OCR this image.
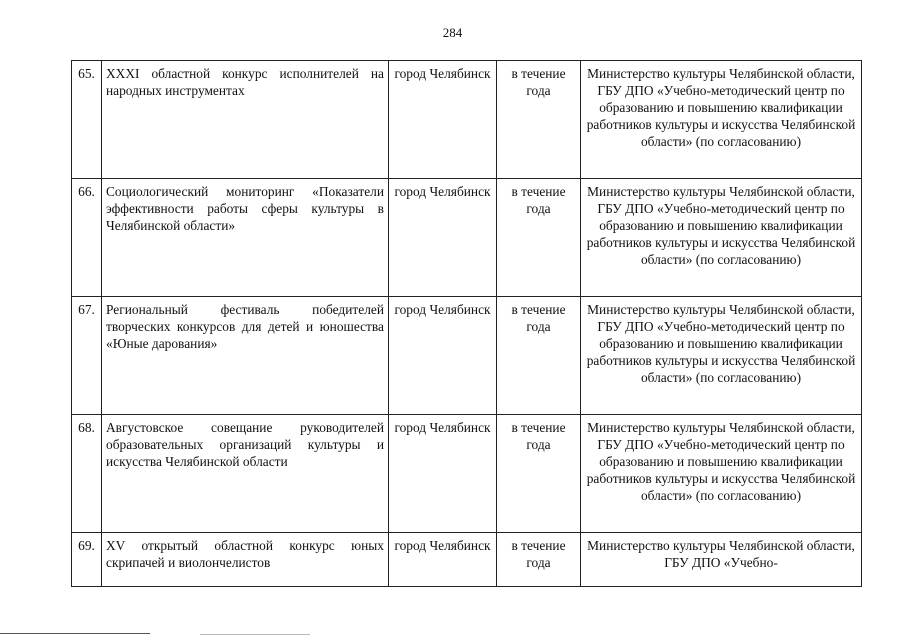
284
65.	XXXI областной конкурс исполнителей на народных инструментах	город Челябинск	в течение года	Министерство культуры Челябинской области, ГБУ ДПО «Учебно-методический центр по образованию и повышению квалификации работников культуры и искусства Челябинской области» (по согласованию)
66.	Социологический мониторинг «Показатели эффективности работы сферы культуры в Челябинской области»	город Челябинск	в течение года	Министерство культуры Челябинской области, ГБУ ДПО «Учебно-методический центр по образованию и повышению квалификации работников культуры и искусства Челябинской области» (по согласованию)
67.	Региональный фестиваль победителей творческих конкурсов для детей и юношества «Юные дарования»	город Челябинск	в течение года	Министерство культуры Челябинской области, ГБУ ДПО «Учебно-методический центр по образованию и повышению квалификации работников культуры и искусства Челябинской области» (по согласованию)
68.	Августовское совещание руководителей образовательных организаций культуры и искусства Челябинской области	город Челябинск	в течение года	Министерство культуры Челябинской области, ГБУ ДПО «Учебно-методический центр по образованию и повышению квалификации работников культуры и искусства Челябинской области» (по согласованию)
69.	XV открытый областной конкурс юных скрипачей и виолончелистов	город Челябинск	в течение года	Министерство культуры Челябинской области, ГБУ ДПО «Учебно-
